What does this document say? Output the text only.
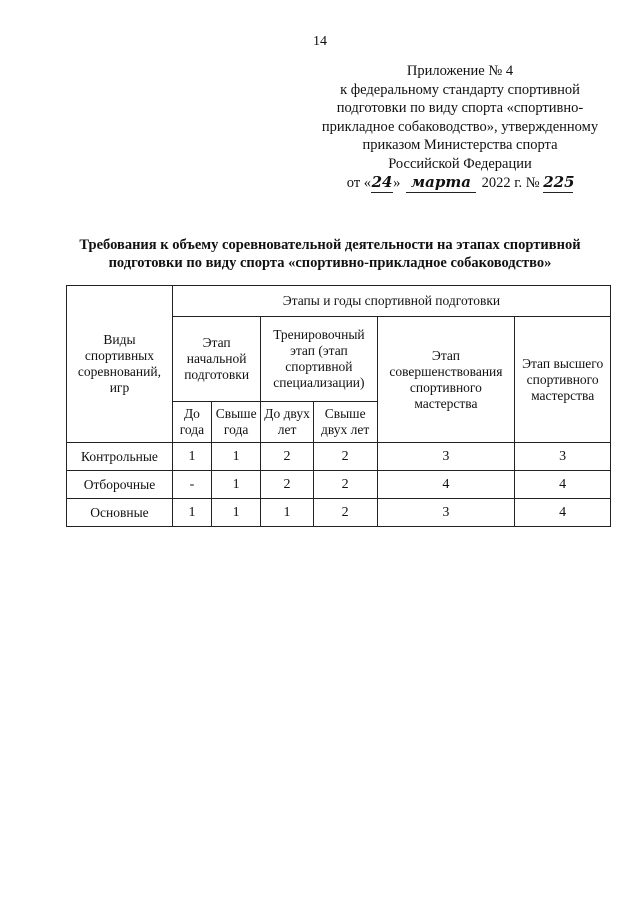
14
Приложение № 4
к федеральному стандарту спортивной
подготовки по виду спорта «спортивно-
прикладное собаководство», утвержденному
приказом Министерства спорта
Российской Федерации
от «24» марта 2022 г. № 225
Требования к объему соревновательной деятельности на этапах спортивной
подготовки по виду спорта «спортивно-прикладное собаководство»
Виды спортивных соревнований, игр	Этапы и годы спортивной подготовки					
	Этап начальной подготовки		Тренировочный этап (этап спортивной специализации)		Этап совершенствования спортивного мастерства	Этап высшего спортивного мастерства
	До года	Свыше года	До двух лет	Свыше двух лет		
Контрольные	1	1	2	2	3	3
Отборочные	-	1	2	2	4	4
Основные	1	1	1	2	3	4
